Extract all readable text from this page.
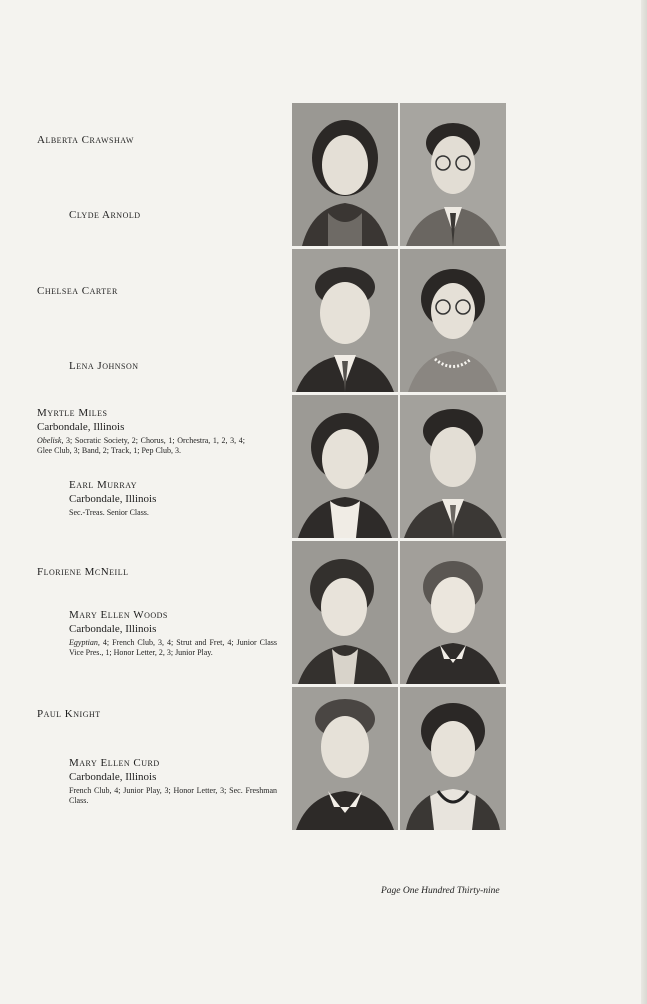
Alberta Crawshaw
Clyde Arnold
Chelsea Carter
Lena Johnson
Myrtle Miles
Carbondale, Illinois
Obelisk, 3; Socratic Society, 2; Chorus, 1; Orchestra, 1, 2, 3, 4; Glee Club, 3; Band, 2; Track, 1; Pep Club, 3.
Earl Murray
Carbondale, Illinois
Sec.-Treas. Senior Class.
Floriene McNeill
Mary Ellen Woods
Carbondale, Illinois
Egyptian, 4; French Club, 3, 4; Strut and Fret, 4; Junior Class Vice Pres., 1; Honor Letter, 2, 3; Junior Play.
Paul Knight
Mary Ellen Curd
Carbondale, Illinois
French Club, 4; Junior Play, 3; Honor Letter, 3; Sec. Freshman Class.
Page One Hundred Thirty-nine
